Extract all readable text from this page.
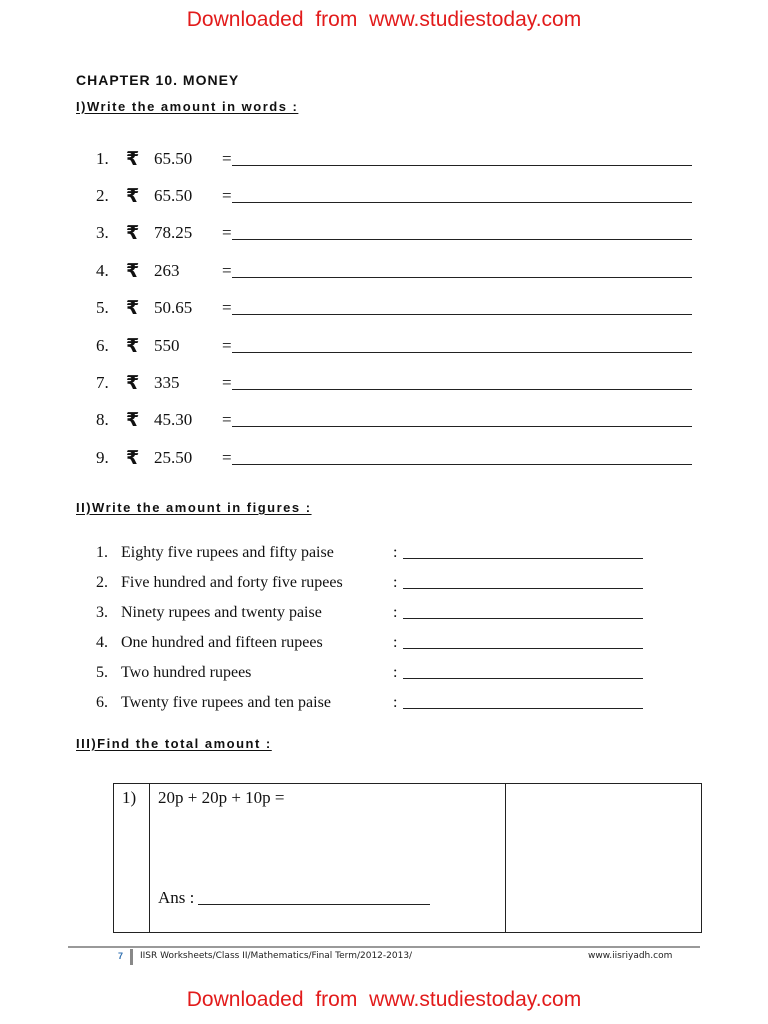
Downloaded from www.studiestoday.com
CHAPTER 10. MONEY
I)Write the amount in words :
1. ₹ 65.50	=
2. ₹ 65.50	=
3. ₹ 78.25	=
4. ₹ 263	=
5. ₹ 50.65	=
6. ₹ 550	=
7. ₹ 335	=
8. ₹ 45.30	=
9. ₹ 25.50	=
II)Write the amount in figures :
1. Eighty five rupees and fifty paise	:
2. Five hundred and forty five rupees	:
3. Ninety rupees and twenty paise	:
4. One hundred and fifteen rupees	:
5. Two hundred rupees	:
6. Twenty five rupees and ten paise	:
III)Find the total amount :
1)	20p + 20p + 10p =
Ans :
7 IISR Worksheets/Class II/Mathematics/Final Term/2012-2013/	www.iisriyadh.com
Downloaded from www.studiestoday.com
